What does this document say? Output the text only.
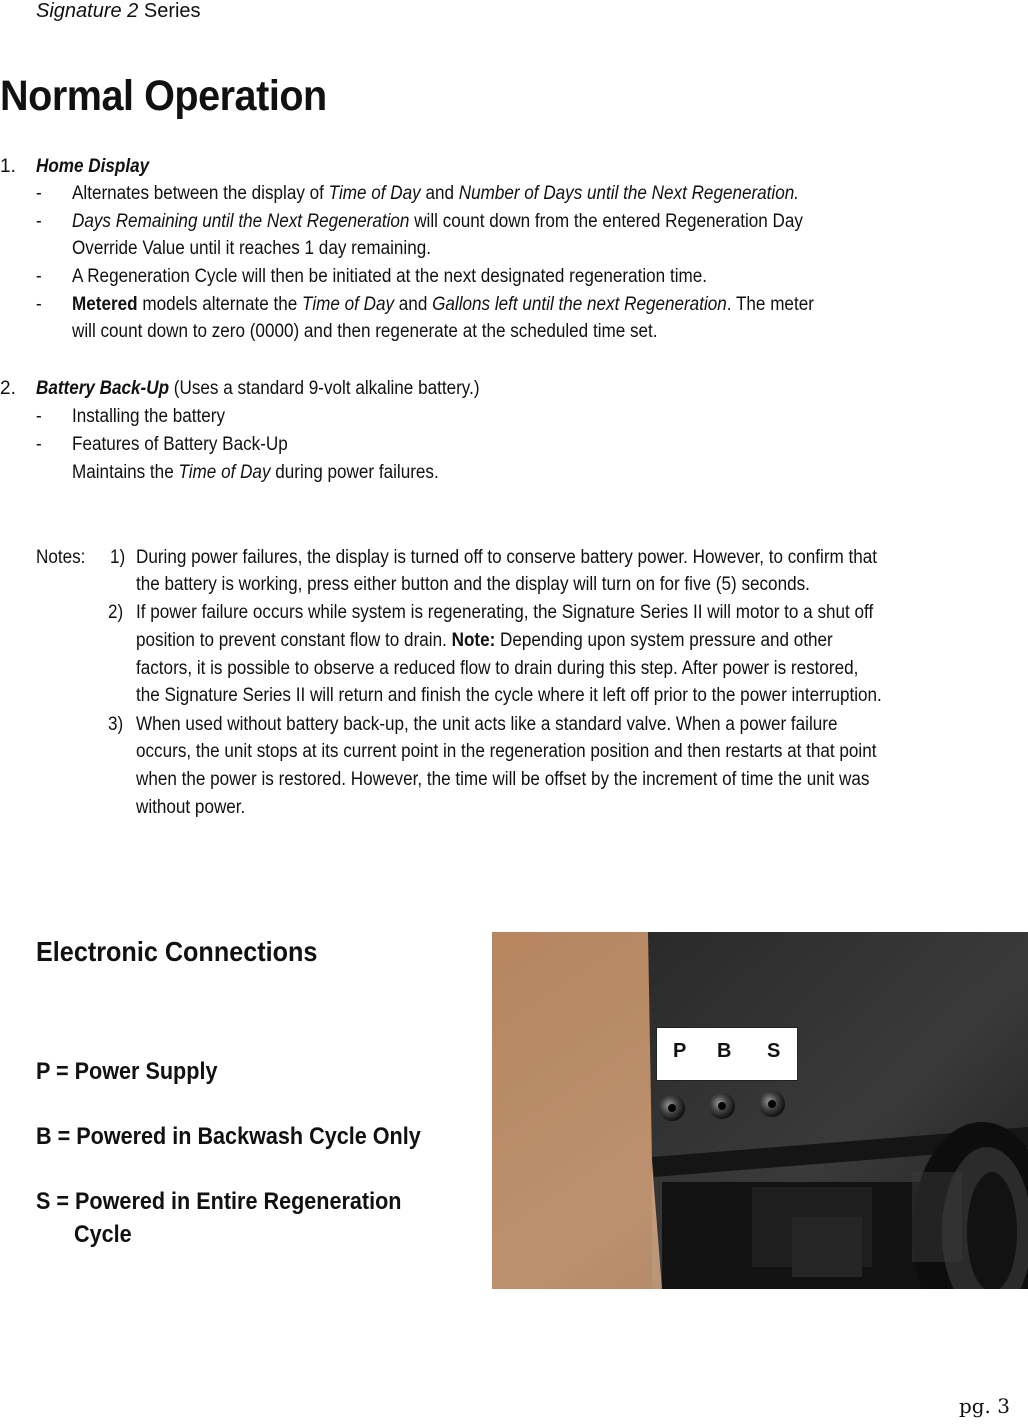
Signature 2 Series
Normal Operation
1. Home Display
- Alternates between the display of Time of Day and Number of Days until the Next Regeneration.
- Days Remaining until the Next Regeneration will count down from the entered Regeneration Day
Override Value until it reaches 1 day remaining.
- A Regeneration Cycle will then be initiated at the next designated regeneration time.
- Metered models alternate the Time of Day and Gallons left until the next Regeneration. The meter
will count down to zero (0000) and then regenerate at the scheduled time set.
2. Battery Back-Up (Uses a standard 9-volt alkaline battery.)
- Installing the battery
- Features of Battery Back-Up
Maintains the Time of Day during power failures.
Notes: 1) During power failures, the display is turned off to conserve battery power. However, to confirm that
the battery is working, press either button and the display will turn on for five (5) seconds.
2) If power failure occurs while system is regenerating, the Signature Series II will motor to a shut off
position to prevent constant flow to drain. Note: Depending upon system pressure and other
factors, it is possible to observe a reduced flow to drain during this step. After power is restored,
the Signature Series II will return and finish the cycle where it left off prior to the power interruption.
3) When used without battery back-up, the unit acts like a standard valve. When a power failure
occurs, the unit stops at its current point in the regeneration position and then restarts at that point
when the power is restored. However, the time will be offset by the increment of time the unit was
without power.
Electronic Connections
P = Power Supply
B = Powered in Backwash Cycle Only
S = Powered in Entire Regeneration
Cycle
P B S
pg. 3
